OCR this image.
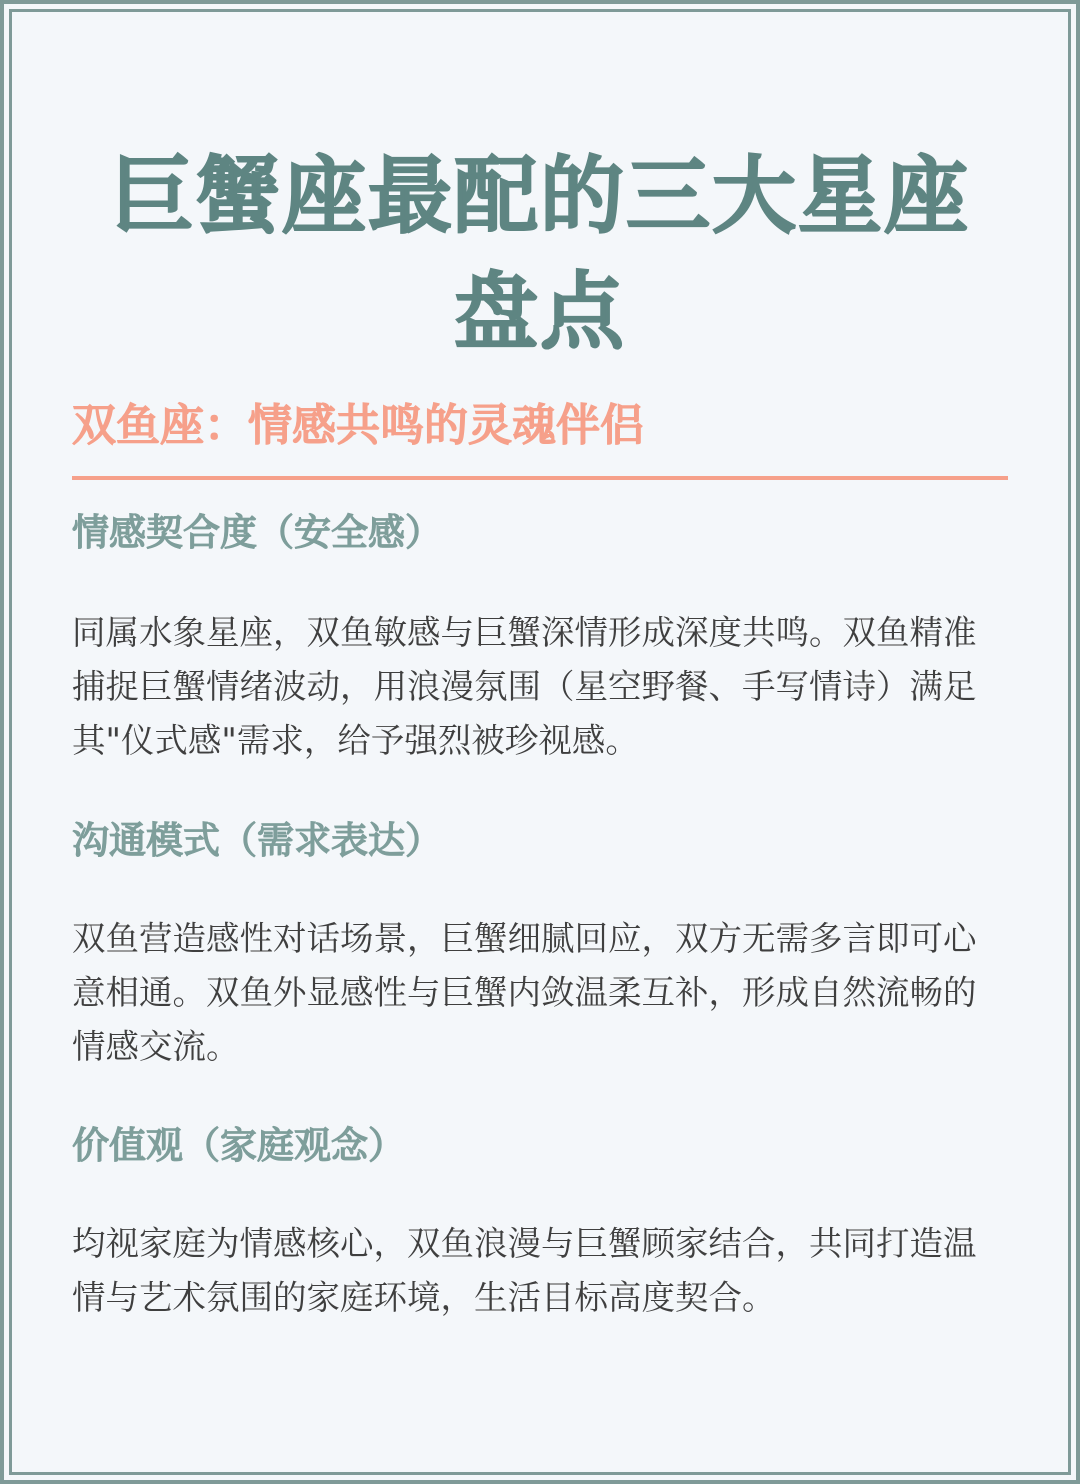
巨蟹座最配的三大星座盘点
双鱼座：情感共鸣的灵魂伴侣
情感契合度（安全感）

同属水象星座，双鱼敏感与巨蟹深情形成深度共鸣。双鱼精准捕捉巨蟹情绪波动，用浪漫氛围（星空野餐、手写情诗）满足其"仪式感"需求，给予强烈被珍视感。

沟通模式（需求表达）

双鱼营造感性对话场景，巨蟹细腻回应，双方无需多言即可心意相通。双鱼外显感性与巨蟹内敛温柔互补，形成自然流畅的情感交流。

价值观（家庭观念）

均视家庭为情感核心，双鱼浪漫与巨蟹顾家结合，共同打造温情与艺术氛围的家庭环境，生活目标高度契合。
